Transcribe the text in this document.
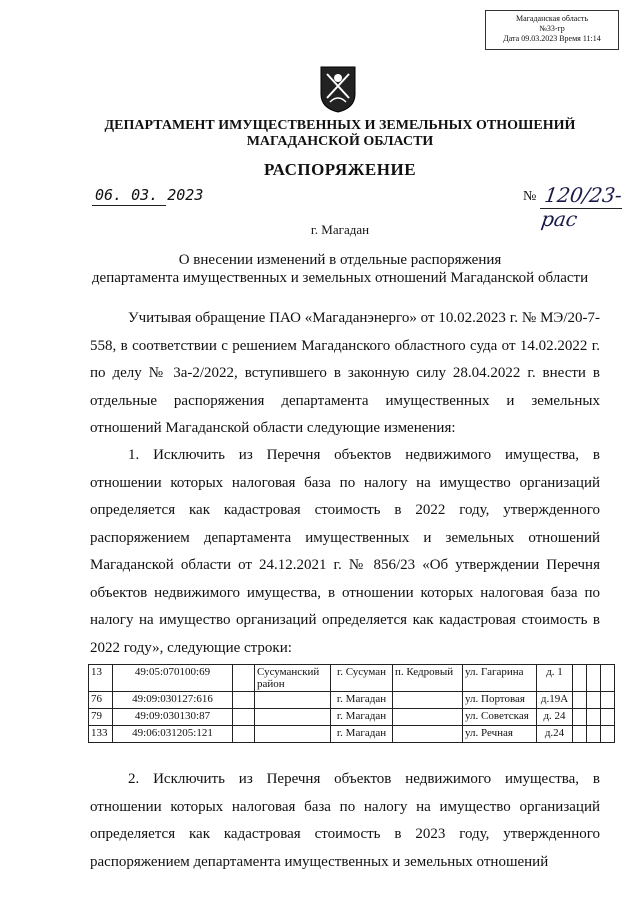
Магаданская область
№33-гр
Дата 09.03.2023 Время 11:14
ДЕПАРТАМЕНТ ИМУЩЕСТВЕННЫХ И ЗЕМЕЛЬНЫХ ОТНОШЕНИЙ
МАГАДАНСКОЙ ОБЛАСТИ
РАСПОРЯЖЕНИЕ
06. 03. 2023	№ 120/23-рас
г. Магадан
О внесении изменений в отдельные распоряжения
департамента имущественных и земельных отношений Магаданской области
Учитывая обращение ПАО «Магаданэнерго» от 10.02.2023 г. № МЭ/20-7-558, в соответствии с решением Магаданского областного суда от 14.02.2022 г. по делу № 3а-2/2022, вступившего в законную силу 28.04.2022 г. внести в отдельные распоряжения департамента имущественных и земельных отношений Магаданской области следующие изменения:
1. Исключить из Перечня объектов недвижимого имущества, в отношении которых налоговая база по налогу на имущество организаций определяется как кадастровая стоимость в 2022 году, утвержденного распоряжением департамента имущественных и земельных отношений Магаданской области от 24.12.2021 г. № 856/23 «Об утверждении Перечня объектов недвижимого имущества, в отношении которых налоговая база по налогу на имущество организаций определяется как кадастровая стоимость в 2022 году», следующие строки:
13	49:05:070100:69		Сусуманский район	г. Сусуман	п. Кедровый	ул. Гагарина	д. 1			
76	49:09:030127:616			г. Магадан		ул. Портовая	д.19А			
79	49:09:030130:87			г. Магадан		ул. Советская	д. 24			
133	49:06:031205:121			г. Магадан		ул. Речная	д.24			
2. Исключить из Перечня объектов недвижимого имущества, в отношении которых налоговая база по налогу на имущество организаций определяется как кадастровая стоимость в 2023 году, утвержденного распоряжением департамента имущественных и земельных отношений
